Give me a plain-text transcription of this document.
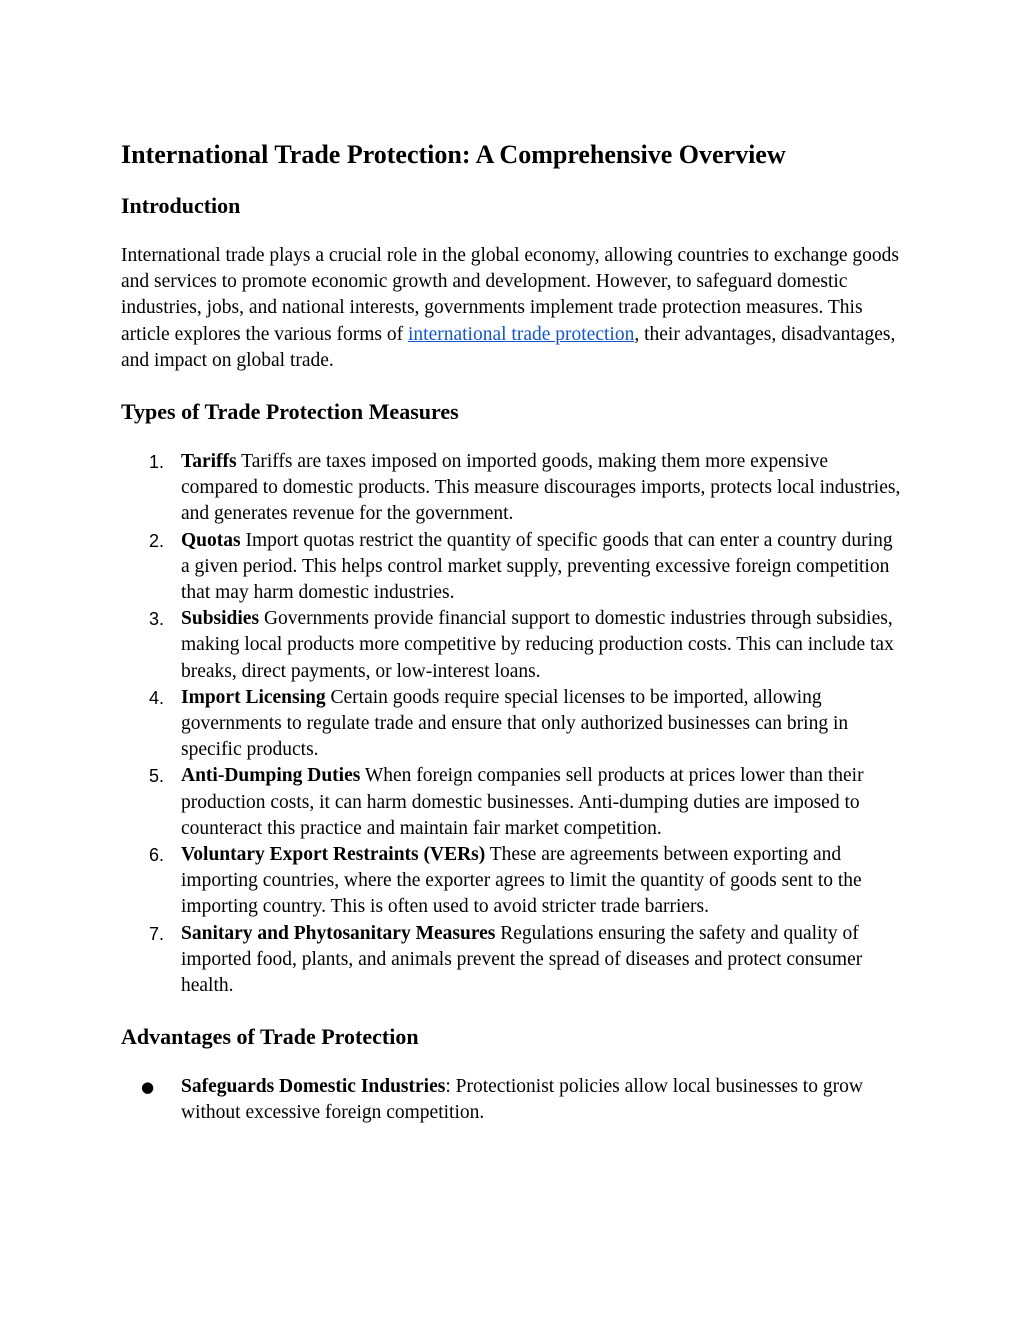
International Trade Protection: A Comprehensive Overview
Introduction

International trade plays a crucial role in the global economy, allowing countries to exchange goods and services to promote economic growth and development. However, to safeguard domestic industries, jobs, and national interests, governments implement trade protection measures. This article explores the various forms of international trade protection, their advantages, disadvantages, and impact on global trade.

Types of Trade Protection Measures
1. Tariffs Tariffs are taxes imposed on imported goods, making them more expensive compared to domestic products. This measure discourages imports, protects local industries, and generates revenue for the government.
2. Quotas Import quotas restrict the quantity of specific goods that can enter a country during a given period. This helps control market supply, preventing excessive foreign competition that may harm domestic industries.
3. Subsidies Governments provide financial support to domestic industries through subsidies, making local products more competitive by reducing production costs. This can include tax breaks, direct payments, or low-interest loans.
4. Import Licensing Certain goods require special licenses to be imported, allowing governments to regulate trade and ensure that only authorized businesses can bring in specific products.
5. Anti-Dumping Duties When foreign companies sell products at prices lower than their production costs, it can harm domestic businesses. Anti-dumping duties are imposed to counteract this practice and maintain fair market competition.
6. Voluntary Export Restraints (VERs) These are agreements between exporting and importing countries, where the exporter agrees to limit the quantity of goods sent to the importing country. This is often used to avoid stricter trade barriers.
7. Sanitary and Phytosanitary Measures Regulations ensuring the safety and quality of imported food, plants, and animals prevent the spread of diseases and protect consumer health.
Advantages of Trade Protection
● Safeguards Domestic Industries: Protectionist policies allow local businesses to grow without excessive foreign competition.
